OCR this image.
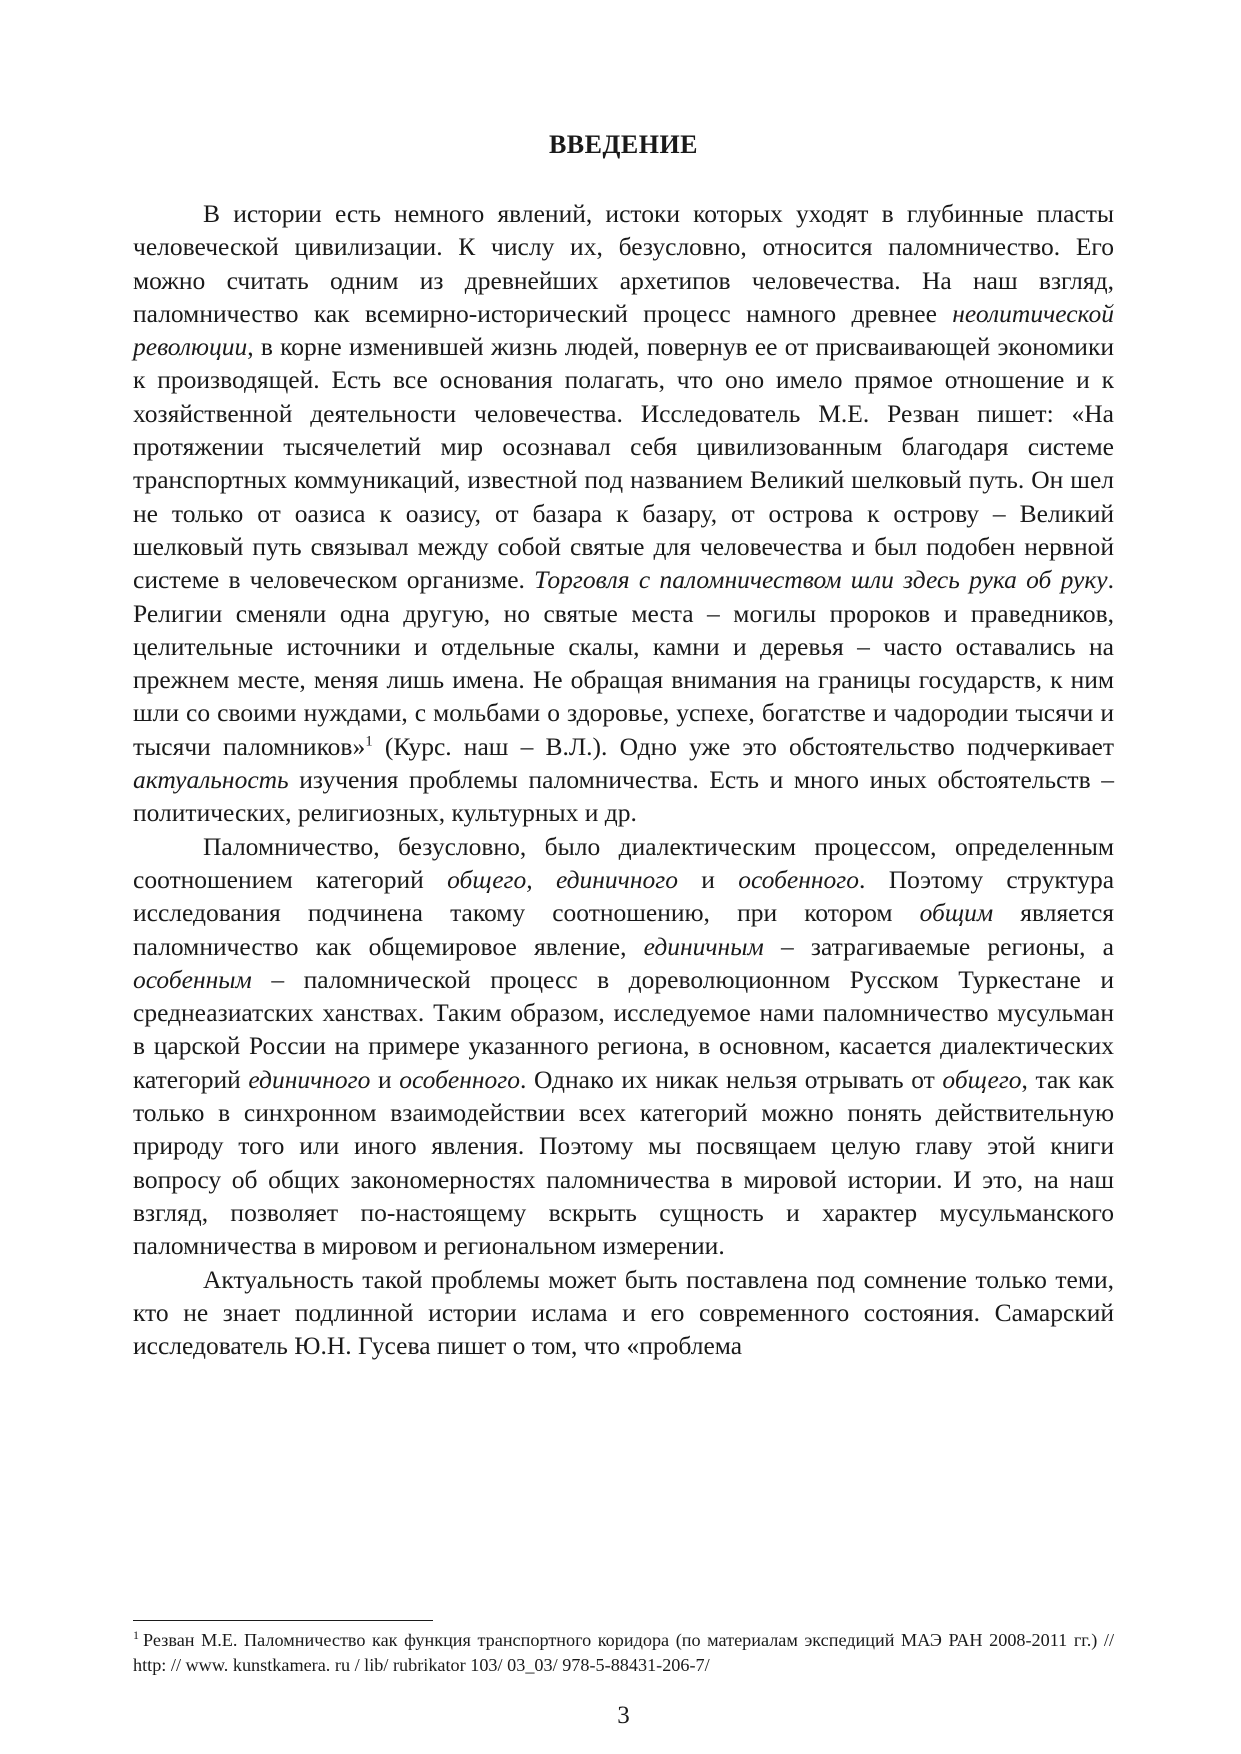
ВВЕДЕНИЕ

В истории есть немного явлений, истоки которых уходят в глубинные пласты человеческой цивилизации. К числу их, безусловно, относится паломничество. Его можно считать одним из древнейших архетипов человечества. На наш взгляд, паломничество как всемирно-исторический процесс намного древнее неолитической революции, в корне изменившей жизнь людей, повернув ее от присваивающей экономики к производящей. Есть все основания полагать, что оно имело прямое отношение и к хозяйственной деятельности человечества. Исследователь М.Е. Резван пишет: «На протяжении тысячелетий мир осознавал себя цивилизованным благодаря системе транспортных коммуникаций, известной под названием Великий шелковый путь. Он шел не только от оазиса к оазису, от базара к базару, от острова к острову – Великий шелковый путь связывал между собой святые для человечества и был подобен нервной системе в человеческом организме. Торговля с паломничеством шли здесь рука об руку. Религии сменяли одна другую, но святые места – могилы пророков и праведников, целительные источники и отдельные скалы, камни и деревья – часто оставались на прежнем месте, меняя лишь имена. Не обращая внимания на границы государств, к ним шли со своими нуждами, с мольбами о здоровье, успехе, богатстве и чадородии тысячи и тысячи паломников»$^1$ (Курс. наш – В.Л.). Одно уже это обстоятельство подчеркивает актуальность изучения проблемы паломничества. Есть и много иных обстоятельств – политических, религиозных, культурных и др.

Паломничество, безусловно, было диалектическим процессом, определенным соотношением категорий общего, единичного и особенного. Поэтому структура исследования подчинена такому соотношению, при котором общим является паломничество как общемировое явление, единичным – затрагиваемые регионы, а особенным – паломнической процесс в дореволюционном Русском Туркестане и среднеазиатских ханствах. Таким образом, исследуемое нами паломничество мусульман в царской России на примере указанного региона, в основном, касается диалектических категорий единичного и особенного. Однако их никак нельзя отрывать от общего, так как только в синхронном взаимодействии всех категорий можно понять действительную природу того или иного явления. Поэтому мы посвящаем целую главу этой книги вопросу об общих закономерностях паломничества в мировой истории. И это, на наш взгляд, позволяет по-настоящему вскрыть сущность и характер мусульманского паломничества в мировом и региональном измерении.

Актуальность такой проблемы может быть поставлена под сомнение только теми, кто не знает подлинной истории ислама и его современного состояния. Самарский исследователь Ю.Н. Гусева пишет о том, что «проблема

$^1$ Резван М.Е. Паломничество как функция транспортного коридора (по материалам экспедиций МАЭ РАН 2008-2011 гг.) // http: // www. kunstkamera. ru / lib/ rubrikator 103/ 03_03/ 978-5-88431-206-7/
3
